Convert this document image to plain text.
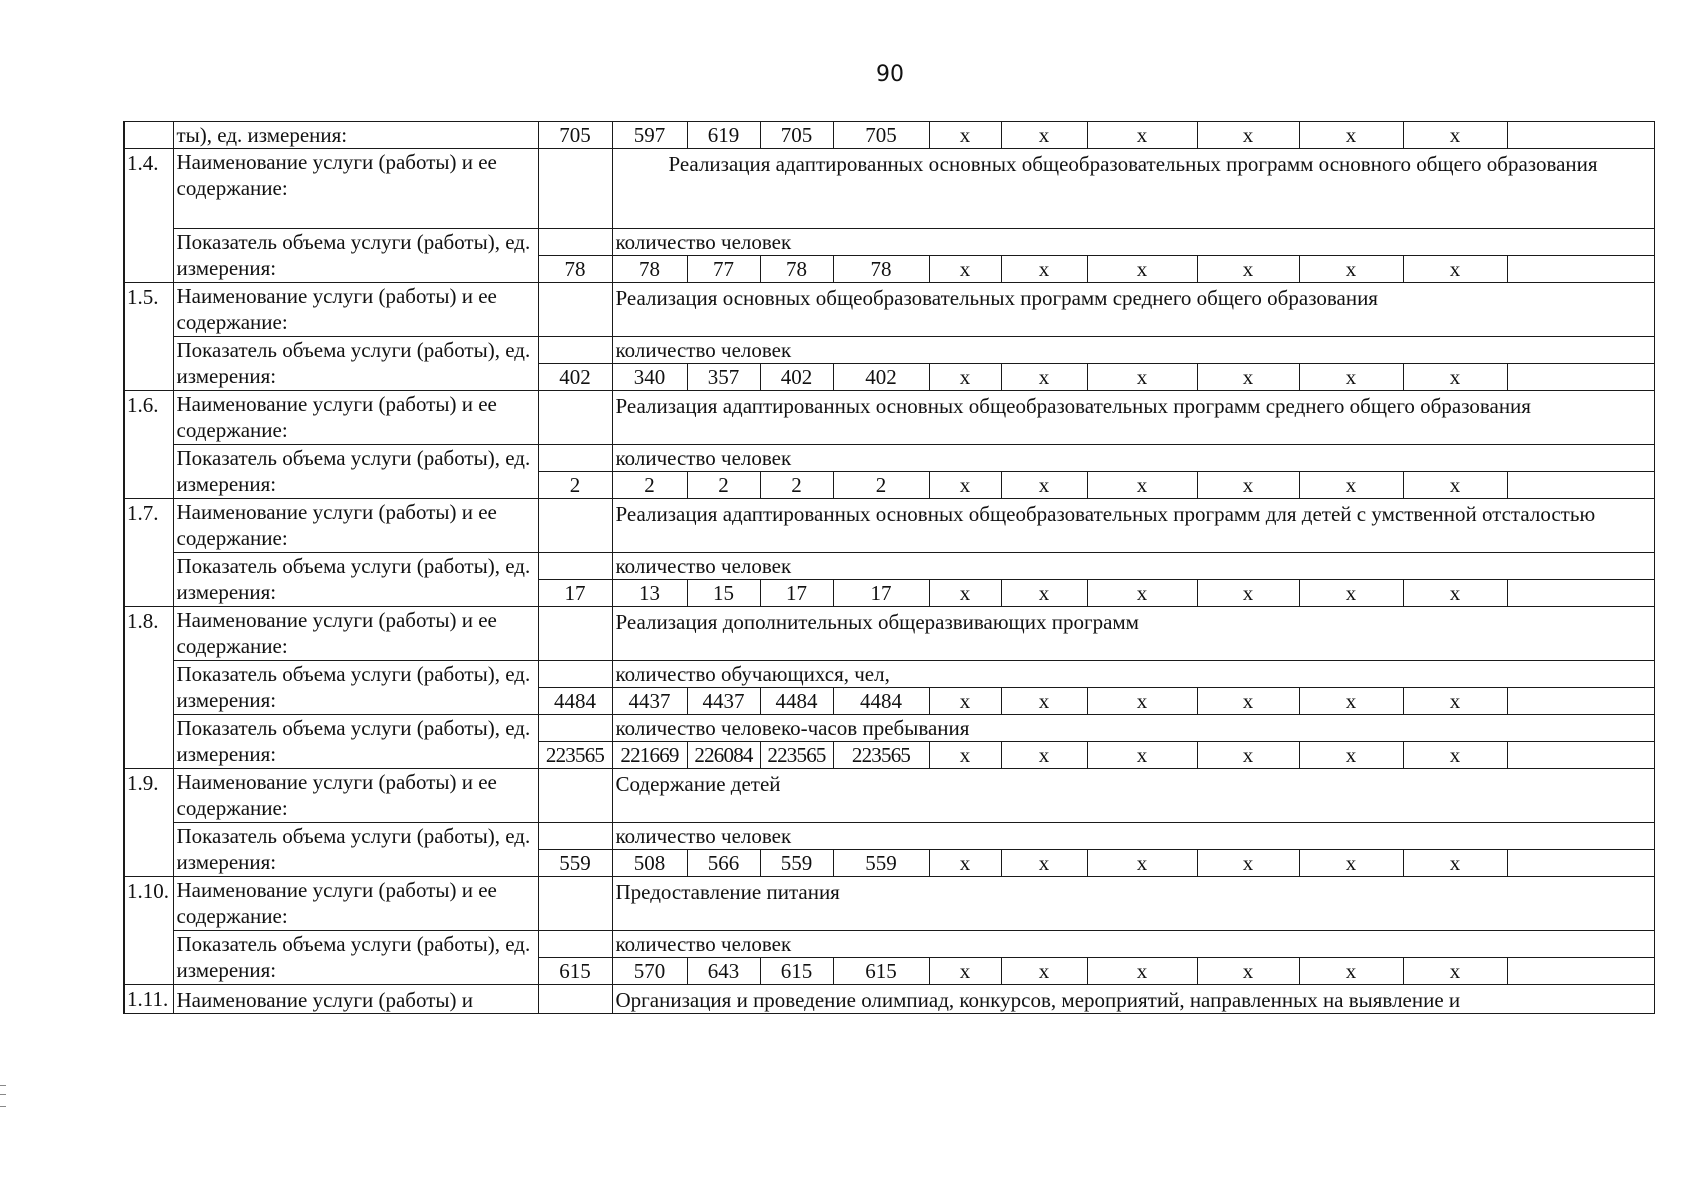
90
	ты), ед. измерения:	705	597	619	705	705	x	x	x	x	x	x	
1.4.	Наименование услуги (работы) и ее содержание:		Реализация адаптированных основных общеобразовательных программ основного общего образования										
	Показатель объема услуги (работы), ед. измерения:		количество человек										
		78	78	77	78	78	x	x	x	x	x	x	
1.5.	Наименование услуги (работы) и ее содержание:		Реализация основных общеобразовательных программ среднего общего образования										
	Показатель объема услуги (работы), ед. измерения:		количество человек										
		402	340	357	402	402	x	x	x	x	x	x	
1.6.	Наименование услуги (работы) и ее содержание:		Реализация адаптированных основных общеобразовательных программ среднего общего образования										
	Показатель объема услуги (работы), ед. измерения:		количество человек										
		2	2	2	2	2	x	x	x	x	x	x	
1.7.	Наименование услуги (работы) и ее содержание:		Реализация адаптированных основных общеобразовательных программ для детей с умственной отсталостью										
	Показатель объема услуги (работы), ед. измерения:		количество человек										
		17	13	15	17	17	x	x	x	x	x	x	
1.8.	Наименование услуги (работы) и ее содержание:		Реализация дополнительных общеразвивающих программ										
	Показатель объема услуги (работы), ед. измерения:		количество обучающихся, чел,										
		4484	4437	4437	4484	4484	x	x	x	x	x	x	
	Показатель объема услуги (работы), ед. измерения:		количество человеко-часов пребывания										
		223565	221669	226084	223565	223565	x	x	x	x	x	x	
1.9.	Наименование услуги (работы) и ее содержание:		Содержание детей										
	Показатель объема услуги (работы), ед. измерения:		количество человек										
		559	508	566	559	559	x	x	x	x	x	x	
1.10.	Наименование услуги (работы) и ее содержание:		Предоставление питания										
	Показатель объема услуги (работы), ед. измерения:		количество человек										
		615	570	643	615	615	x	x	x	x	x	x	
1.11.	Наименование услуги (работы) и		Организация и проведение олимпиад, конкурсов, мероприятий, направленных на выявление и										
